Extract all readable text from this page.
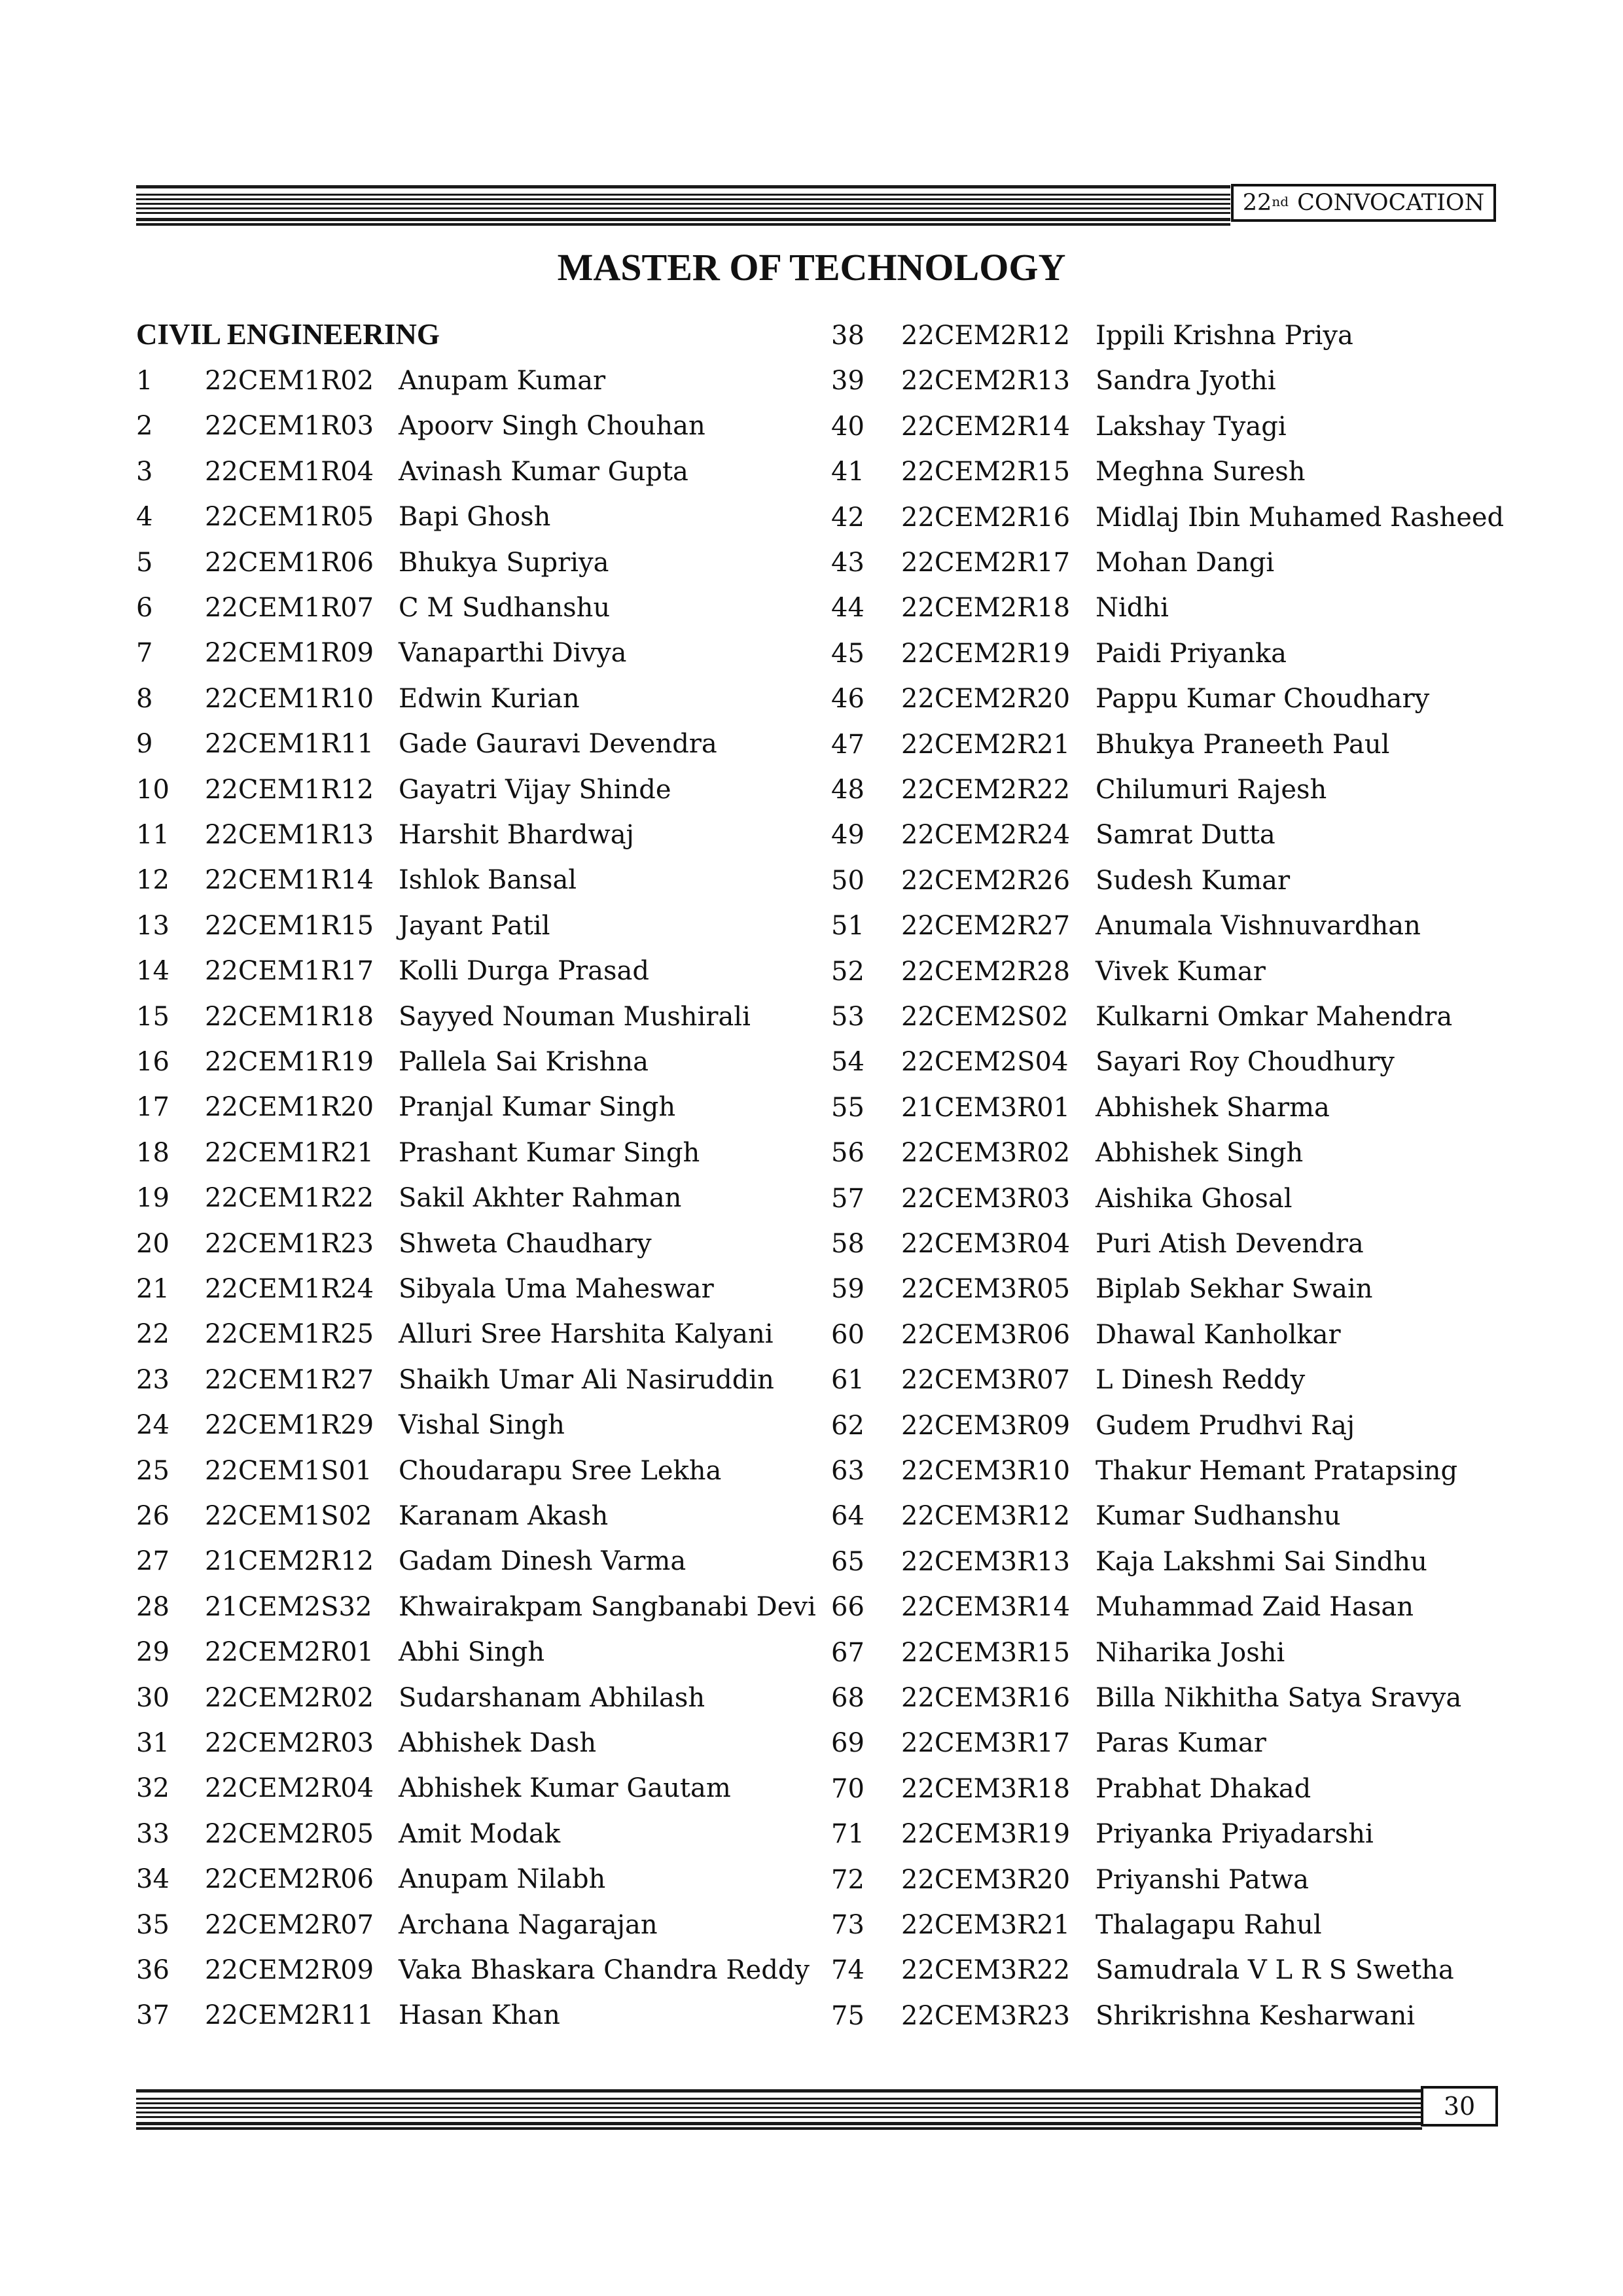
22nd
CONVOCATION
MASTER OF TECHNOLOGY
CIVIL ENGINEERING
1 22CEM1R02 Anupam Kumar
2 22CEM1R03 Apoorv Singh Chouhan
3 22CEM1R04 Avinash Kumar Gupta
4 22CEM1R05 Bapi Ghosh
5 22CEM1R06 Bhukya Supriya
6 22CEM1R07 C M Sudhanshu
7 22CEM1R09 Vanaparthi Divya
8 22CEM1R10 Edwin Kurian
9 22CEM1R11 Gade Gauravi Devendra
10 22CEM1R12 Gayatri Vijay Shinde
11 22CEM1R13 Harshit Bhardwaj
12 22CEM1R14 Ishlok Bansal
13 22CEM1R15 Jayant Patil
14 22CEM1R17 Kolli Durga Prasad
15 22CEM1R18 Sayyed Nouman Mushirali
16 22CEM1R19 Pallela Sai Krishna
17 22CEM1R20 Pranjal Kumar Singh
18 22CEM1R21 Prashant Kumar Singh
19 22CEM1R22 Sakil Akhter Rahman
20 22CEM1R23 Shweta Chaudhary
21 22CEM1R24 Sibyala Uma Maheswar
22 22CEM1R25 Alluri Sree Harshita Kalyani
23 22CEM1R27 Shaikh Umar Ali Nasiruddin
24 22CEM1R29 Vishal Singh
25 22CEM1S01 Choudarapu Sree Lekha
26 22CEM1S02 Karanam Akash
27 21CEM2R12 Gadam Dinesh Varma
28 21CEM2S32 Khwairakpam Sangbanabi Devi
29 22CEM2R01 Abhi Singh
30 22CEM2R02 Sudarshanam Abhilash
31 22CEM2R03 Abhishek Dash
32 22CEM2R04 Abhishek Kumar Gautam
33 22CEM2R05 Amit Modak
34 22CEM2R06 Anupam Nilabh
35 22CEM2R07 Archana Nagarajan
36 22CEM2R09 Vaka Bhaskara Chandra Reddy
37 22CEM2R11 Hasan Khan
38 22CEM2R12 Ippili Krishna Priya
39 22CEM2R13 Sandra Jyothi
40 22CEM2R14 Lakshay Tyagi
41 22CEM2R15 Meghna Suresh
42 22CEM2R16 Midlaj Ibin Muhamed Rasheed
43 22CEM2R17 Mohan Dangi
44 22CEM2R18 Nidhi
45 22CEM2R19 Paidi Priyanka
46 22CEM2R20 Pappu Kumar Choudhary
47 22CEM2R21 Bhukya Praneeth Paul
48 22CEM2R22 Chilumuri Rajesh
49 22CEM2R24 Samrat Dutta
50 22CEM2R26 Sudesh Kumar
51 22CEM2R27 Anumala Vishnuvardhan
52 22CEM2R28 Vivek Kumar
53 22CEM2S02 Kulkarni Omkar Mahendra
54 22CEM2S04 Sayari Roy Choudhury
55 21CEM3R01 Abhishek Sharma
56 22CEM3R02 Abhishek Singh
57 22CEM3R03 Aishika Ghosal
58 22CEM3R04 Puri Atish Devendra
59 22CEM3R05 Biplab Sekhar Swain
60 22CEM3R06 Dhawal Kanholkar
61 22CEM3R07 L Dinesh Reddy
62 22CEM3R09 Gudem Prudhvi Raj
63 22CEM3R10 Thakur Hemant Pratapsing
64 22CEM3R12 Kumar Sudhanshu
65 22CEM3R13 Kaja Lakshmi Sai Sindhu
66 22CEM3R14 Muhammad Zaid Hasan
67 22CEM3R15 Niharika Joshi
68 22CEM3R16 Billa Nikhitha Satya Sravya
69 22CEM3R17 Paras Kumar
70 22CEM3R18 Prabhat Dhakad
71 22CEM3R19 Priyanka Priyadarshi
72 22CEM3R20 Priyanshi Patwa
73 22CEM3R21 Thalagapu Rahul
74 22CEM3R22 Samudrala V L R S Swetha
75 22CEM3R23 Shrikrishna Kesharwani
30
